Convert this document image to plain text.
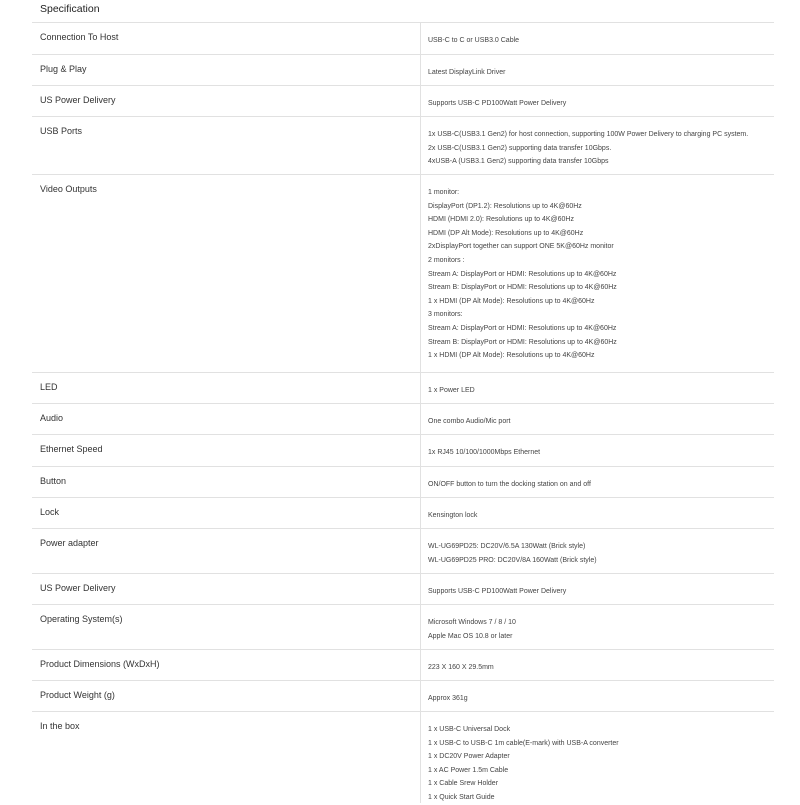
Specification
Connection To Host	USB-C to C or USB3.0 Cable
Plug & Play	Latest DisplayLink Driver
US Power Delivery	Supports USB-C PD100Watt Power Delivery
USB Ports	1x USB-C(USB3.1 Gen2) for host connection, supporting 100W Power Delivery to charging PC system.
2x USB-C(USB3.1 Gen2) supporting data transfer 10Gbps.
4xUSB-A (USB3.1 Gen2) supporting data transfer 10Gbps
Video Outputs	1 monitor:
DisplayPort (DP1.2): Resolutions up to 4K@60Hz
HDMI (HDMI 2.0): Resolutions up to 4K@60Hz
HDMI (DP Alt Mode): Resolutions up to 4K@60Hz
2xDisplayPort together can support ONE 5K@60Hz monitor
2 monitors :
Stream A: DisplayPort or HDMI: Resolutions up to 4K@60Hz
Stream B: DisplayPort or HDMI: Resolutions up to 4K@60Hz
1 x HDMI (DP Alt Mode): Resolutions up to 4K@60Hz
3 monitors:
Stream A: DisplayPort or HDMI: Resolutions up to 4K@60Hz
Stream B: DisplayPort or HDMI: Resolutions up to 4K@60Hz
1 x HDMI (DP Alt Mode): Resolutions up to 4K@60Hz
LED	1 x Power LED
Audio	One combo Audio/Mic port
Ethernet Speed	1x RJ45 10/100/1000Mbps Ethernet
Button	ON/OFF button to turn the docking station on and off
Lock	Kensington lock
Power adapter	WL-UG69PD25: DC20V/6.5A 130Watt (Brick style)
WL-UG69PD25 PRO: DC20V/8A 160Watt (Brick style)
US Power Delivery	Supports USB-C PD100Watt Power Delivery
Operating System(s)	Microsoft Windows 7 / 8 / 10
Apple Mac OS 10.8 or later
Product Dimensions (WxDxH)	223 X 160 X 29.5mm
Product Weight (g)	Approx 361g
In the box	1 x USB-C Universal Dock
1 x USB-C to USB-C 1m cable(E-mark) with USB-A converter
1 x DC20V Power Adapter
1 x AC Power 1.5m Cable
1 x Cable Srew Holder
1 x Quick Start Guide
